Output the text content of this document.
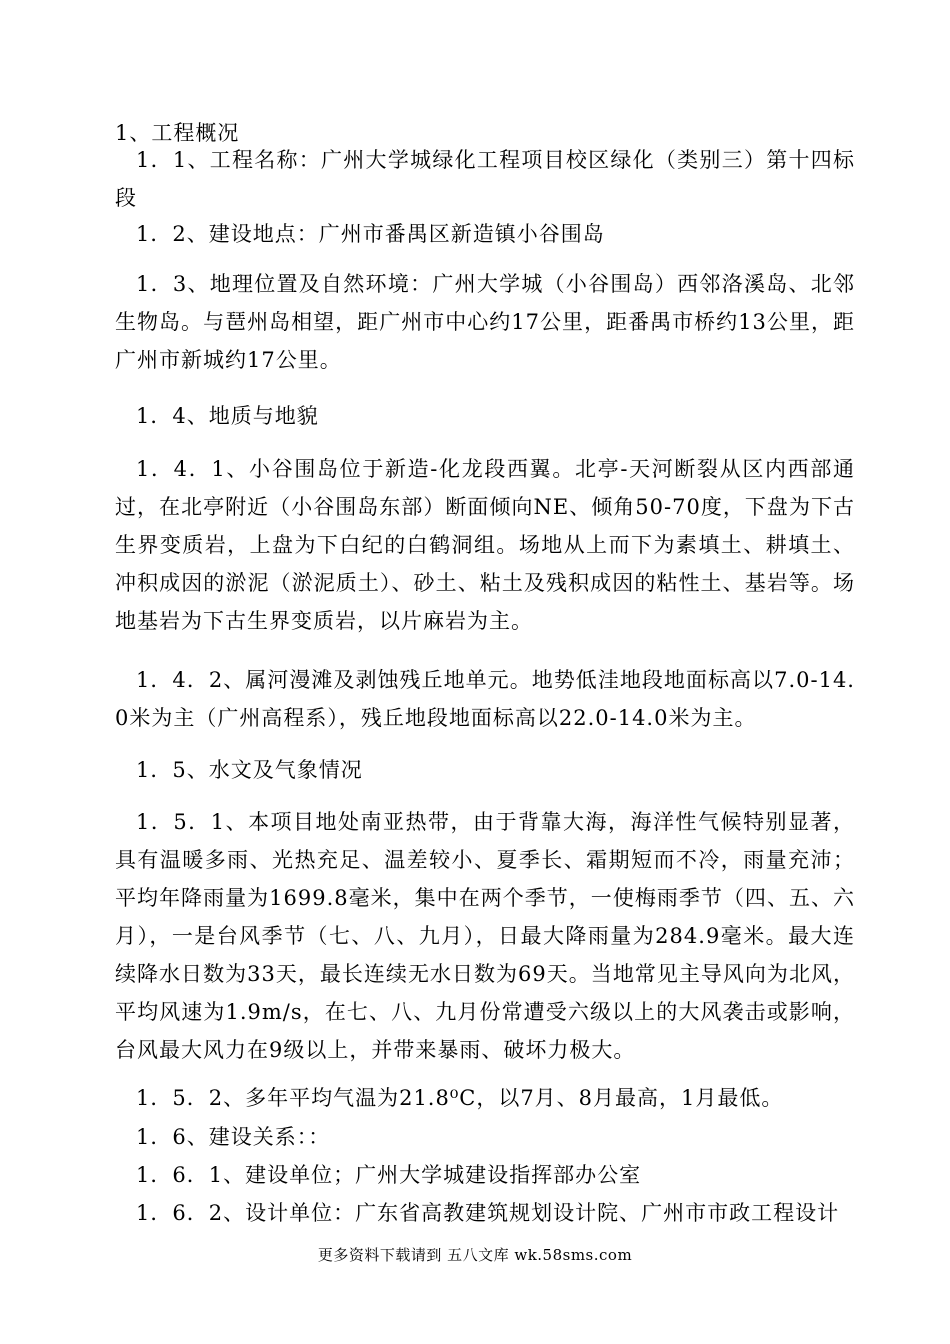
1、工程概况
1．1、工程名称：广州大学城绿化工程项目校区绿化（类别三）第十四标段
1．2、建设地点：广州市番禺区新造镇小谷围岛
1．3、地理位置及自然环境：广州大学城（小谷围岛）西邻洛溪岛、北邻生物岛。与琶州岛相望，距广州市中心约17公里，距番禺市桥约13公里，距广州市新城约17公里。
1．4、地质与地貌
1．4．1、小谷围岛位于新造-化龙段西翼。北亭-天河断裂从区内西部通过，在北亭附近（小谷围岛东部）断面倾向NE、倾角50-70度，下盘为下古生界变质岩，上盘为下白纪的白鹤洞组。场地从上而下为素填土、耕填土、冲积成因的淤泥（淤泥质土）、砂土、粘土及残积成因的粘性土、基岩等。场地基岩为下古生界变质岩，以片麻岩为主。
1．4．2、属河漫滩及剥蚀残丘地单元。地势低洼地段地面标高以7.0-14.0米为主（广州高程系），残丘地段地面标高以22.0-14.0米为主。
1．5、水文及气象情况
1．5．1、本项目地处南亚热带，由于背靠大海，海洋性气候特别显著，具有温暖多雨、光热充足、温差较小、夏季长、霜期短而不冷，雨量充沛；平均年降雨量为1699.8毫米，集中在两个季节，一使梅雨季节（四、五、六月），一是台风季节（七、八、九月），日最大降雨量为284.9毫米。最大连续降水日数为33天，最长连续无水日数为69天。当地常见主导风向为北风，平均风速为1.9m/s，在七、八、九月份常遭受六级以上的大风袭击或影响，台风最大风力在9级以上，并带来暴雨、破坏力极大。
1．5．2、多年平均气温为21.8⁰C，以7月、8月最高，1月最低。
1．6、建设关系：：
1．6．1、建设单位；广州大学城建设指挥部办公室
1．6．2、设计单位：广东省高教建筑规划设计院、广州市市政工程设计
更多资料下载请到 五八文库 wk.58sms.com
